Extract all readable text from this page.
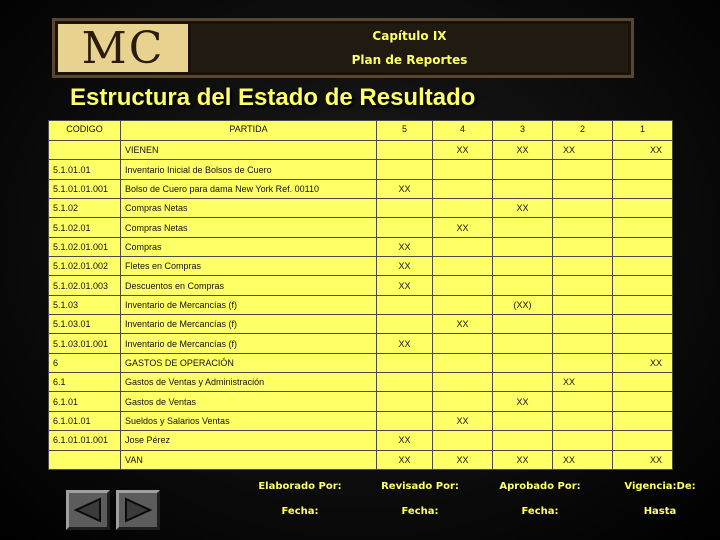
MC	Capítulo IX
Plan de Reportes
Estructura del Estado de Resultado
CODIGO	PARTIDA	5	4	3	2	1
	VIENEN		XX	XX	XX	XX
5.1.01.01	Inventario Inicial de Bolsos de Cuero					
5.1.01.01.001	Bolso de Cuero para dama New York Ref. 00110	XX				
5.1.02	Compras Netas			XX		
5.1.02.01	Compras Netas		XX			
5.1.02.01.001	Compras	XX				
5.1.02.01.002	Fletes en Compras	XX				
5.1.02.01.003	Descuentos en Compras	XX				
5.1.03	Inventario de Mercancías (f)			(XX)		
5.1.03.01	Inventario de Mercancías (f)		XX			
5.1.03.01.001	Inventario de Mercancías (f)	XX				
6	GASTOS DE OPERACIÓN					XX
6.1	Gastos de Ventas y Administración				XX	
6.1.01	Gastos de Ventas			XX		
6.1.01.01	Sueldos y Salarios Ventas		XX			
6.1.01.01.001	Jose Pérez	XX				
	VAN	XX	XX	XX	XX	XX
Elaborado Por:
Fecha:
Revisado Por:
Fecha:
Aprobado Por:
Fecha:
Vigencia:De:
Hasta
